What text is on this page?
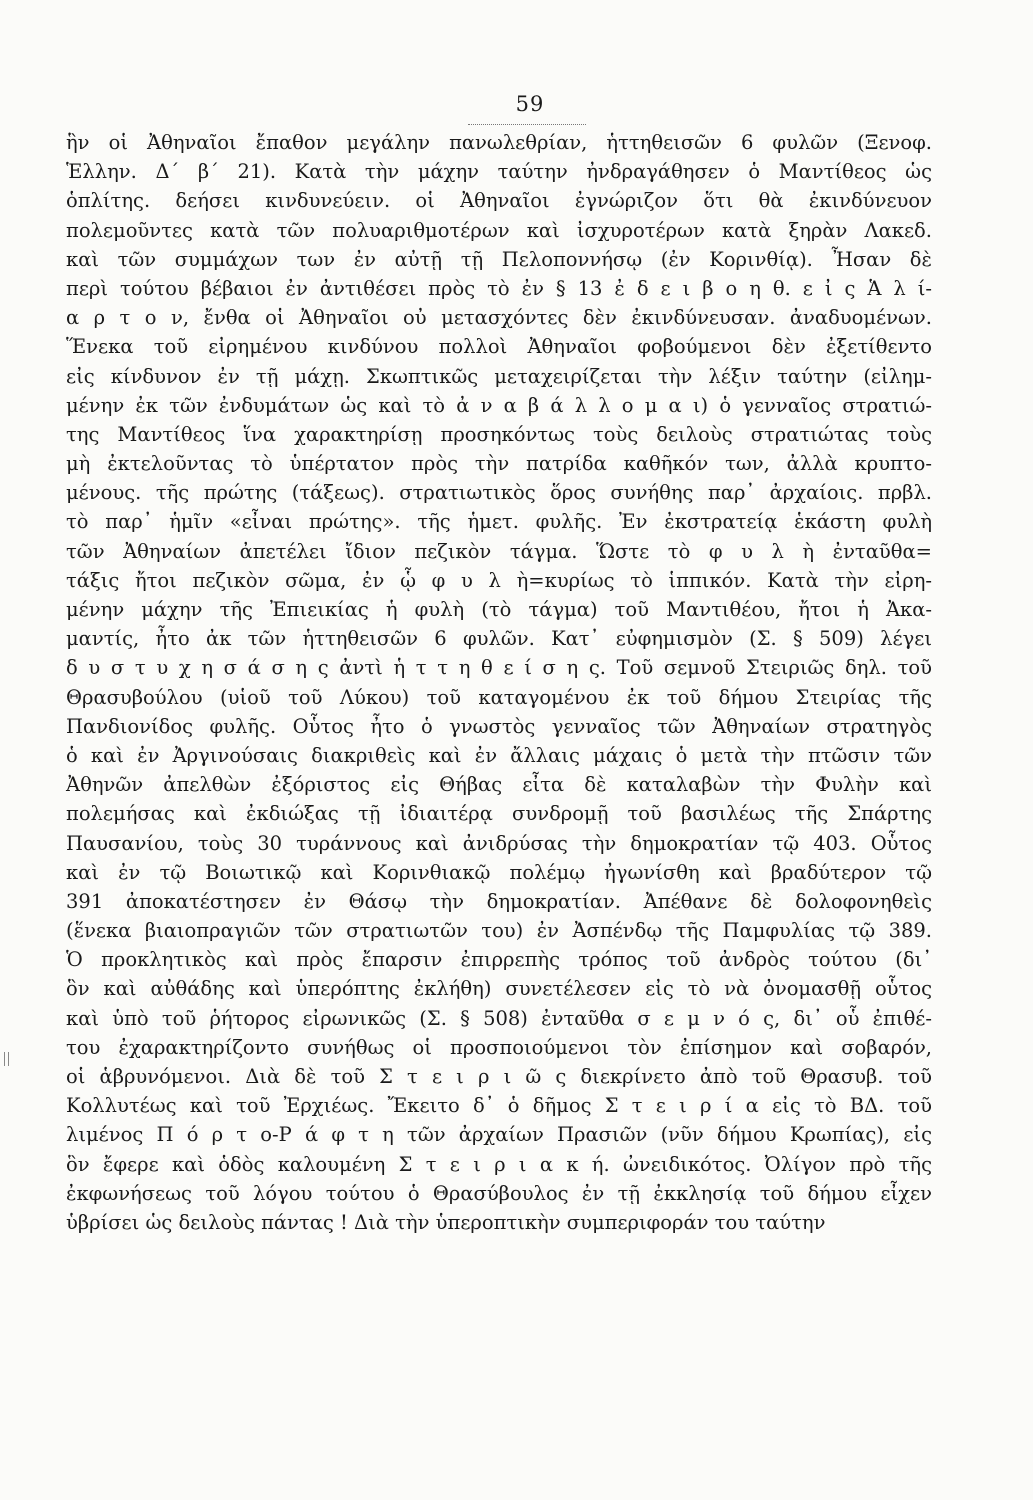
59
ἣν οἱ Ἀθηναῖοι ἔπαθον μεγάλην πανωλεθρίαν, ἡττηθεισῶν 6 φυλῶν (Ξενοφ.
Ἑλλην. Δ΄ β΄ 21). Κατὰ τὴν μάχην ταύτην ἠνδραγάθησεν ὁ Μαντίθεος ὡς
ὁπλίτης. δεήσει κινδυνεύειν. οἱ Ἀθηναῖοι ἐγνώριζον ὅτι θὰ ἐκινδύνευον
πολεμοῦντες κατὰ τῶν πολυαριθμοτέρων καὶ ἰσχυροτέρων κατὰ ξηρὰν Λακεδ.
καὶ τῶν συμμάχων των ἐν αὐτῇ τῇ Πελοποννήσῳ (ἐν Κορινθίᾳ). Ἦσαν δὲ
περὶ τούτου βέβαιοι ἐν ἀντιθέσει πρὸς τὸ ἐν § 13 ἐ δ ε ι β ο η θ. ε ἰ ς Ἁ λ ί-
α ρ τ ο ν, ἔνθα οἱ Ἀθηναῖοι οὐ μετασχόντες δὲν ἐκινδύνευσαν. ἀναδυομένων.
Ἕνεκα τοῦ εἰρημένου κινδύνου πολλοὶ Ἀθηναῖοι φοβούμενοι δὲν ἐξετίθεντο
εἰς κίνδυνον ἐν τῇ μάχῃ. Σκωπτικῶς μεταχειρίζεται τὴν λέξιν ταύτην (εἰλημ-
μένην ἐκ τῶν ἐνδυμάτων ὡς καὶ τὸ ἀ ν α β ά λ λ ο μ α ι) ὁ γενναῖος στρατιώ-
της Μαντίθεος ἵνα χαρακτηρίσῃ προσηκόντως τοὺς δειλοὺς στρατιώτας τοὺς
μὴ ἐκτελοῦντας τὸ ὑπέρτατον πρὸς τὴν πατρίδα καθῆκόν των, ἀλλὰ κρυπτο-
μένους. τῆς πρώτης (τάξεως). στρατιωτικὸς ὅρος συνήθης παρ᾽ ἀρχαίοις. πρβλ.
τὸ παρ᾽ ἡμῖν «εἶναι πρώτης». τῆς ἡμετ. φυλῆς. Ἐν ἐκστρατείᾳ ἑκάστη φυλὴ
τῶν Ἀθηναίων ἀπετέλει ἴδιον πεζικὸν τάγμα. Ὥστε τὸ φ υ λ ὴ ἐνταῦθα=
τάξις ἤτοι πεζικὸν σῶμα, ἐν ᾧ φ υ λ ὴ=κυρίως τὸ ἱππικόν. Κατὰ τὴν εἰρη-
μένην μάχην τῆς Ἐπιεικίας ἡ φυλὴ (τὸ τάγμα) τοῦ Μαντιθέου, ἤτοι ἡ Ἀκα-
μαντίς, ἦτο ἀκ τῶν ἡττηθεισῶν 6 φυλῶν. Κατ᾽ εὐφημισμὸν (Σ. § 509) λέγει
δ υ σ τ υ χ η σ ά σ η ς ἀντὶ ἡ τ τ η θ ε ί σ η ς. Τοῦ σεμνοῦ Στειριῶς δηλ. τοῦ
Θρασυβούλου (υἱοῦ τοῦ Λύκου) τοῦ καταγομένου ἐκ τοῦ δήμου Στειρίας τῆς
Πανδιονίδος φυλῆς. Οὗτος ἦτο ὁ γνωστὸς γενναῖος τῶν Ἀθηναίων στρατηγὸς
ὁ καὶ ἐν Ἀργινούσαις διακριθεὶς καὶ ἐν ἄλλαις μάχαις ὁ μετὰ τὴν πτῶσιν τῶν
Ἀθηνῶν ἀπελθὼν ἐξόριστος εἰς Θήβας εἶτα δὲ καταλαβὼν τὴν Φυλὴν καὶ
πολεμήσας καὶ ἐκδιώξας τῇ ἰδιαιτέρᾳ συνδρομῇ τοῦ βασιλέως τῆς Σπάρτης
Παυσανίου, τοὺς 30 τυράννους καὶ ἀνιδρύσας τὴν δημοκρατίαν τῷ 403. Οὗτος
καὶ ἐν τῷ Βοιωτικῷ καὶ Κορινθιακῷ πολέμῳ ἠγωνίσθη καὶ βραδύτερον τῷ
391 ἀποκατέστησεν ἐν Θάσῳ τὴν δημοκρατίαν. Ἀπέθανε δὲ δολοφονηθεὶς
(ἕνεκα βιαιοπραγιῶν τῶν στρατιωτῶν του) ἐν Ἀσπένδῳ τῆς Παμφυλίας τῷ 389.
Ὁ προκλητικὸς καὶ πρὸς ἔπαρσιν ἐπιρρεπὴς τρόπος τοῦ ἀνδρὸς τούτου (δι᾽
ὃν καὶ αὐθάδης καὶ ὑπερόπτης ἐκλήθη) συνετέλεσεν εἰς τὸ νὰ ὀνομασθῇ οὗτος
καὶ ὑπὸ τοῦ ῥήτορος εἰρωνικῶς (Σ. § 508) ἐνταῦθα σ ε μ ν ό ς, δι᾽ οὗ ἐπιθέ-
του ἐχαρακτηρίζοντο συνήθως οἱ προσποιούμενοι τὸν ἐπίσημον καὶ σοβαρόν,
οἱ ἁβρυνόμενοι. Διὰ δὲ τοῦ Σ τ ε ι ρ ι ῶ ς διεκρίνετο ἀπὸ τοῦ Θρασυβ. τοῦ
Κολλυτέως καὶ τοῦ Ἐρχιέως. Ἔκειτο δ᾽ ὁ δῆμος Σ τ ε ι ρ ί α εἰς τὸ ΒΔ. τοῦ
λιμένος Π ό ρ τ ο-Ρ ά φ τ η τῶν ἀρχαίων Πρασιῶν (νῦν δήμου Κρωπίας), εἰς
ὃν ἔφερε καὶ ὁδὸς καλουμένη Σ τ ε ι ρ ι α κ ή. ὠνειδικότος. Ὀλίγον πρὸ τῆς
ἐκφωνήσεως τοῦ λόγου τούτου ὁ Θρασύβουλος ἐν τῇ ἐκκλησίᾳ τοῦ δήμου εἶχεν
ὑβρίσει ὡς δειλοὺς πάντας ! Διὰ τὴν ὑπεροπτικὴν συμπεριφοράν του ταύτην
